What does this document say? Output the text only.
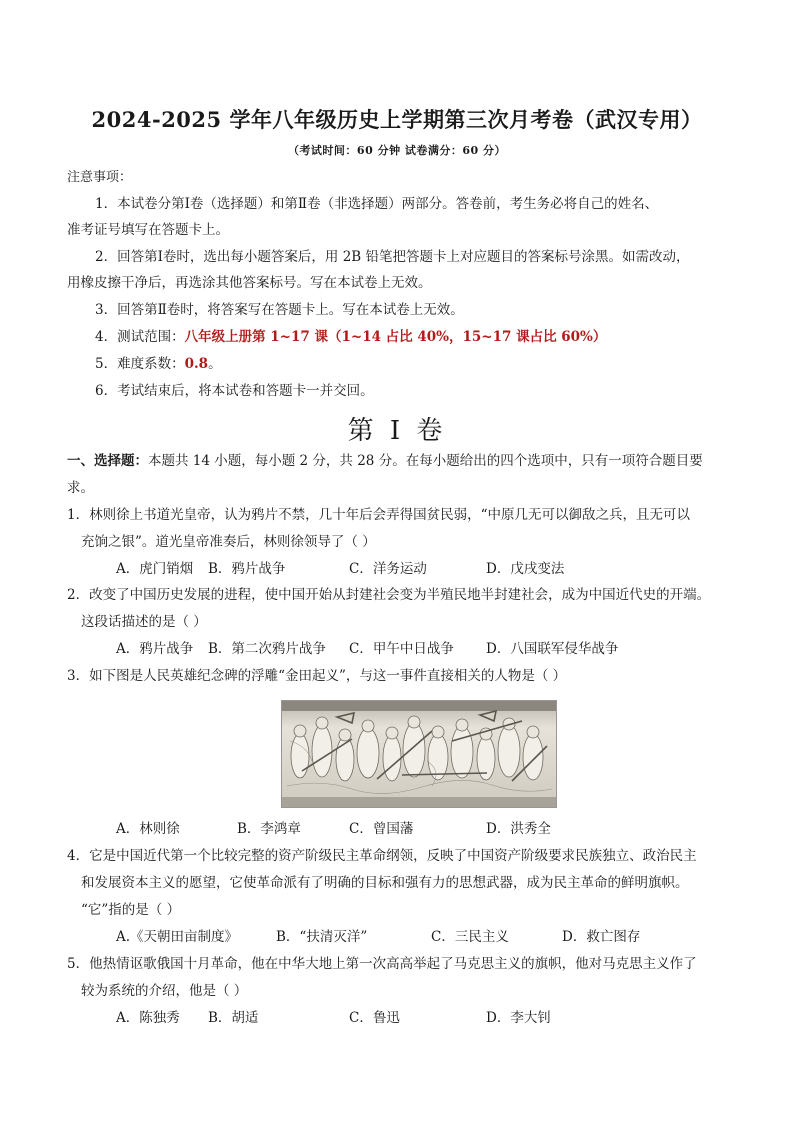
2024-2025 学年八年级历史上学期第三次月考卷（武汉专用）
（考试时间：60 分钟 试卷满分：60 分）
注意事项：
1．本试卷分第Ⅰ卷（选择题）和第Ⅱ卷（非选择题）两部分。答卷前，考生务必将自己的姓名、
准考证号填写在答题卡上。
2．回答第Ⅰ卷时，选出每小题答案后，用 2B 铅笔把答题卡上对应题目的答案标号涂黑。如需改动，
用橡皮擦干净后，再选涂其他答案标号。写在本试卷上无效。
3．回答第Ⅱ卷时，将答案写在答题卡上。写在本试卷上无效。
4．测试范围：八年级上册第 1~17 课（1~14 占比 40%，15~17 课占比 60%）
5．难度系数：0.8。
6．考试结束后，将本试卷和答题卡一并交回。
第 I 卷
一、选择题：本题共 14 小题，每小题 2 分，共 28 分。在每小题给出的四个选项中，只有一项符合题目要
求。
1．林则徐上书道光皇帝，认为鸦片不禁，几十年后会弄得国贫民弱，“中原几无可以御敌之兵，且无可以
充饷之银”。道光皇帝准奏后，林则徐领导了（ ）
A．虎门销烟 B．鸦片战争	C．洋务运动	D．戊戌变法
2．改变了中国历史发展的进程，使中国开始从封建社会变为半殖民地半封建社会，成为中国近代史的开端。
这段话描述的是（ ）
A．鸦片战争 B．第二次鸦片战争 C．甲午中日战争 D．八国联军侵华战争
3．如下图是人民英雄纪念碑的浮雕“金田起义”，与这一事件直接相关的人物是（ ）
A．林则徐	B．李鸿章	C．曾国藩	D．洪秀全
4．它是中国近代第一个比较完整的资产阶级民主革命纲领，反映了中国资产阶级要求民族独立、政治民主
和发展资本主义的愿望，它使革命派有了明确的目标和强有力的思想武器，成为民主革命的鲜明旗帜。
“它”指的是（ ）
A.《天朝田亩制度》	B．“扶清灭洋”	C．三民主义	D．救亡图存
5．他热情讴歌俄国十月革命，他在中华大地上第一次高高举起了马克思主义的旗帜，他对马克思主义作了
较为系统的介绍，他是（ ）
A．陈独秀 B．胡适	C．鲁迅	D．李大钊
